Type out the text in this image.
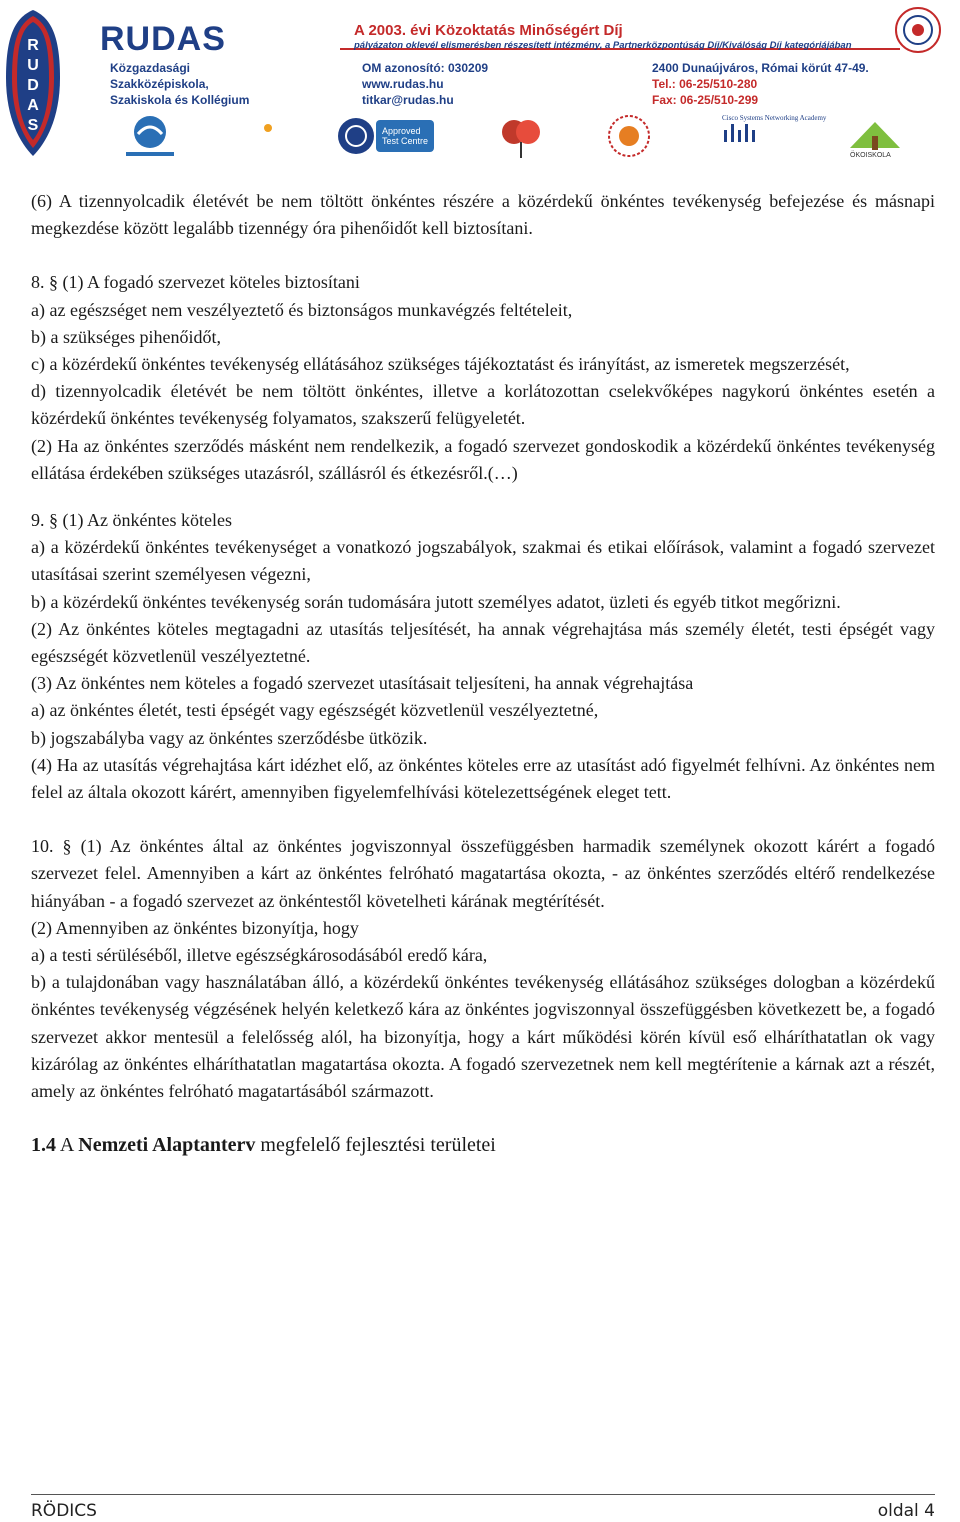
R
U
D
A
S
RUDAS
Közgazdasági
Szakközépiskola,
Szakiskola és Kollégium
A 2003. évi Közoktatás Minőségért Díj
pályázaton oklevél elismerésben részesített intézmény, a Partnerközpontúság Díj/Kiválóság Díj kategóriájában
OM azonosító: 030209
www.rudas.hu
titkar@rudas.hu
2400 Dunaújváros, Római körút 47-49.
Tel.: 06-25/510-280
Fax: 06-25/510-299
Approved Test Centre
Cisco Systems Networking Academy
ÖKOISKOLA

(6) A tizennyolcadik életévét be nem töltött önkéntes részére a közérdekű önkéntes tevékenység befejezése és másnapi megkezdése között legalább tizennégy óra pihenőidőt kell biztosítani.

8. § (1) A fogadó szervezet köteles biztosítani

a) az egészséget nem veszélyeztető és biztonságos munkavégzés feltételeit,

b) a szükséges pihenőidőt,

c) a közérdekű önkéntes tevékenység ellátásához szükséges tájékoztatást és irányítást, az ismeretek megszerzését,

d) tizennyolcadik életévét be nem töltött önkéntes, illetve a korlátozottan cselekvőképes nagykorú önkéntes esetén a közérdekű önkéntes tevékenység folyamatos, szakszerű felügyeletét.

(2) Ha az önkéntes szerződés másként nem rendelkezik, a fogadó szervezet gondoskodik a közérdekű önkéntes tevékenység ellátása érdekében szükséges utazásról, szállásról és étkezésről.(…)

9. § (1) Az önkéntes köteles

a) a közérdekű önkéntes tevékenységet a vonatkozó jogszabályok, szakmai és etikai előírások, valamint a fogadó szervezet utasításai szerint személyesen végezni,

b) a közérdekű önkéntes tevékenység során tudomására jutott személyes adatot, üzleti és egyéb titkot megőrizni.

(2) Az önkéntes köteles megtagadni az utasítás teljesítését, ha annak végrehajtása más személy életét, testi épségét vagy egészségét közvetlenül veszélyeztetné.

(3) Az önkéntes nem köteles a fogadó szervezet utasításait teljesíteni, ha annak végrehajtása

a) az önkéntes életét, testi épségét vagy egészségét közvetlenül veszélyeztetné,

b) jogszabályba vagy az önkéntes szerződésbe ütközik.

(4) Ha az utasítás végrehajtása kárt idézhet elő, az önkéntes köteles erre az utasítást adó figyelmét felhívni. Az önkéntes nem felel az általa okozott kárért, amennyiben figyelemfelhívási kötelezettségének eleget tett.

10. § (1) Az önkéntes által az önkéntes jogviszonnyal összefüggésben harmadik személynek okozott kárért a fogadó szervezet felel. Amennyiben a kárt az önkéntes felróható magatartása okozta, - az önkéntes szerződés eltérő rendelkezése hiányában - a fogadó szervezet az önkéntestől követelheti kárának megtérítését.

(2) Amennyiben az önkéntes bizonyítja, hogy

a) a testi sérüléséből, illetve egészségkárosodásából eredő kára,

b) a tulajdonában vagy használatában álló, a közérdekű önkéntes tevékenység ellátásához szükséges dologban a közérdekű önkéntes tevékenység végzésének helyén keletkező kára az önkéntes jogviszonnyal összefüggésben következett be, a fogadó szervezet akkor mentesül a felelősség alól, ha bizonyítja, hogy a kárt működési körén kívül eső elháríthatatlan ok vagy kizárólag az önkéntes elháríthatatlan magatartása okozta. A fogadó szervezetnek nem kell megtérítenie a kárnak azt a részét, amely az önkéntes felróható magatartásából származott.

1.4 A Nemzeti Alaptanterv megfelelő fejlesztési területei

RÖDICS	oldal 4
